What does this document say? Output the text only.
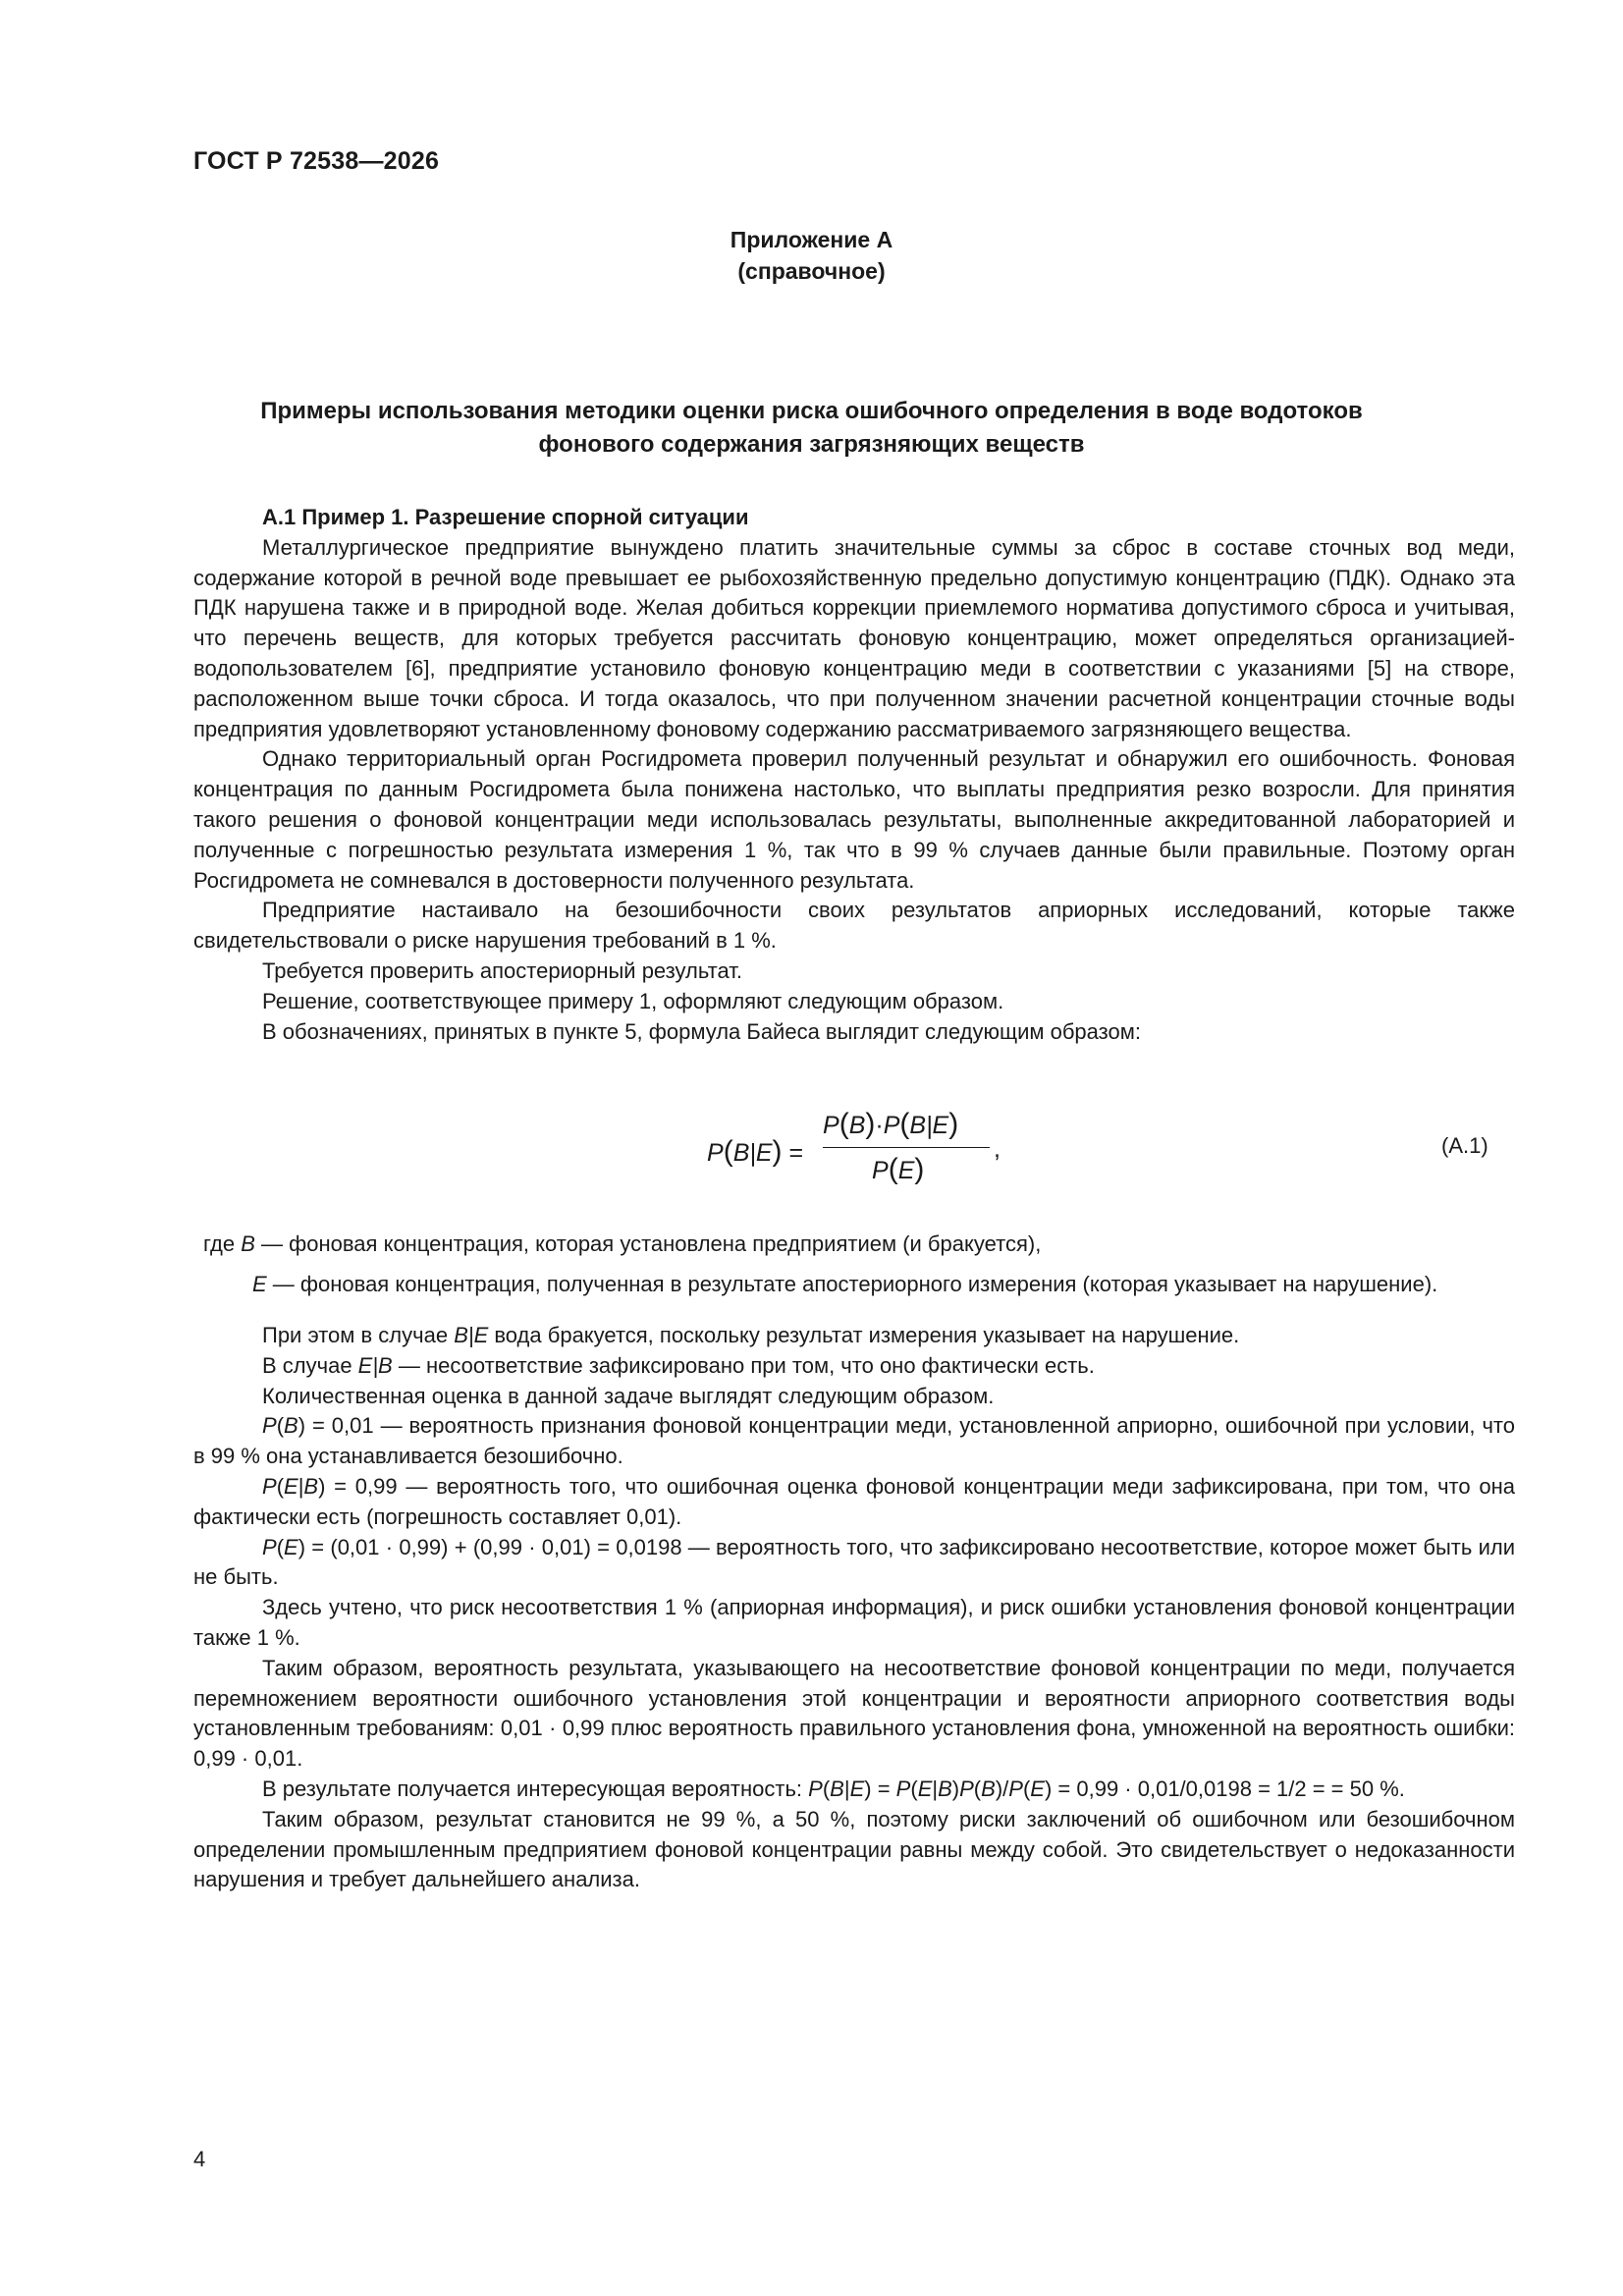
ГОСТ Р 72538—2026
Приложение А
(справочное)
Примеры использования методики оценки риска ошибочного определения в воде водотоков
фонового содержания загрязняющих веществ

А.1 Пример 1. Разрешение спорной ситуации

Металлургическое предприятие вынуждено платить значительные суммы за сброс в составе сточных вод меди, содержание которой в речной воде превышает ее рыбохозяйственную предельно допустимую концентрацию (ПДК). Однако эта ПДК нарушена также и в природной воде. Желая добиться коррекции приемлемого норматива допустимого сброса и учитывая, что перечень веществ, для которых требуется рассчитать фоновую концентрацию, может определяться организацией-водопользователем [6], предприятие установило фоновую концентрацию меди в соответствии с указаниями [5] на створе, расположенном выше точки сброса. И тогда оказалось, что при полученном значении расчетной концентрации сточные воды предприятия удовлетворяют установленному фоновому содержанию рассматриваемого загрязняющего вещества.

Однако территориальный орган Росгидромета проверил полученный результат и обнаружил его ошибочность. Фоновая концентрация по данным Росгидромета была понижена настолько, что выплаты предприятия резко возросли. Для принятия такого решения о фоновой концентрации меди использовалась результаты, выполненные аккредитованной лабораторией и полученные с погрешностью результата измерения 1 %, так что в 99 % случаев данные были правильные. Поэтому орган Росгидромета не сомневался в достоверности полученного результата.

Предприятие настаивало на безошибочности своих результатов априорных исследований, которые также свидетельствовали о риске нарушения требований в 1 %.

Требуется проверить апостериорный результат.

Решение, соответствующее примеру 1, оформляют следующим образом.

В обозначениях, принятых в пункте 5, формула Байеса выглядит следующим образом:

P(B|E) =
P(B)·P(B|E)
P(E)
,	(А.1)

где B — фоновая концентрация, которая установлена предприятием (и бракуется),

E — фоновая концентрация, полученная в результате апостериорного измерения (которая указывает на нарушение).

При этом в случае B|E вода бракуется, поскольку результат измерения указывает на нарушение.

В случае E|B — несоответствие зафиксировано при том, что оно фактически есть.

Количественная оценка в данной задаче выглядят следующим образом.

P(B) = 0,01 — вероятность признания фоновой концентрации меди, установленной априорно, ошибочной при условии, что в 99 % она устанавливается безошибочно.

P(E|B) = 0,99 — вероятность того, что ошибочная оценка фоновой концентрации меди зафиксирована, при том, что она фактически есть (погрешность составляет 0,01).

P(E) = (0,01 · 0,99) + (0,99 · 0,01) = 0,0198 — вероятность того, что зафиксировано несоответствие, которое может быть или не быть.

Здесь учтено, что риск несоответствия 1 % (априорная информация), и риск ошибки установления фоновой концентрации также 1 %.

Таким образом, вероятность результата, указывающего на несоответствие фоновой концентрации по меди, получается перемножением вероятности ошибочного установления этой концентрации и вероятности априорного соответствия воды установленным требованиям: 0,01 · 0,99 плюс вероятность правильного установления фона, умноженной на вероятность ошибки: 0,99 · 0,01.

В результате получается интересующая вероятность: P(B|E) = P(E|B)P(B)/P(E) = 0,99 · 0,01/0,0198 = 1/2 = = 50 %.

Таким образом, результат становится не 99 %, а 50 %, поэтому риски заключений об ошибочном или безошибочном определении промышленным предприятием фоновой концентрации равны между собой. Это свидетельствует о недоказанности нарушения и требует дальнейшего анализа.

4
